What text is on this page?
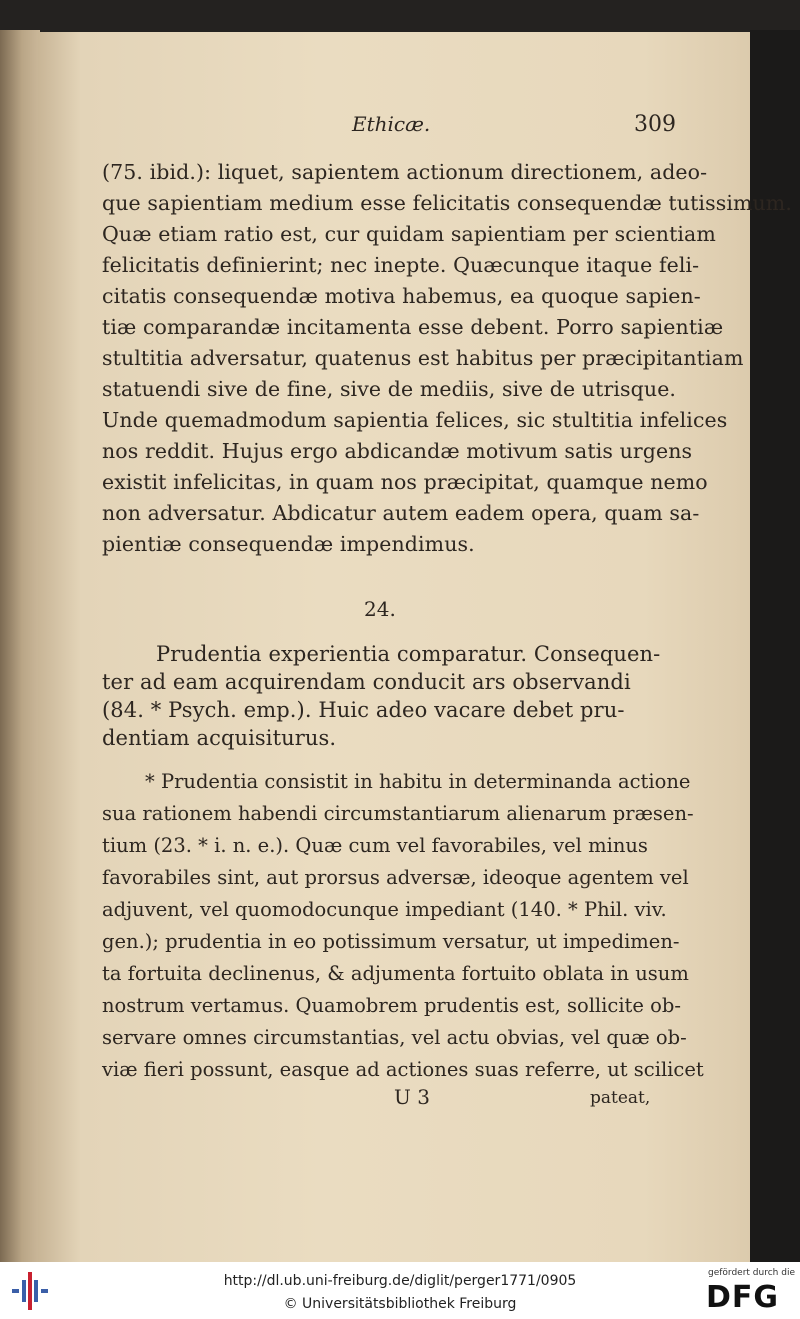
Ethicæ.	309
(75. ibid.): liquet, sapientem actionum directionem, adeo-
que sapientiam medium esse felicitatis consequendæ tutissimum.
Quæ etiam ratio est, cur quidam sapientiam per scientiam
felicitatis definierint; nec inepte. Quæcunque itaque feli-
citatis consequendæ motiva habemus, ea quoque sapien-
tiæ comparandæ incitamenta esse debent. Porro sapientiæ
stultitia adversatur, quatenus est habitus per præcipitantiam
statuendi sive de fine, sive de mediis, sive de utrisque.
Unde quemadmodum sapientia felices, sic stultitia infelices
nos reddit. Hujus ergo abdicandæ motivum satis urgens
existit infelicitas, in quam nos præcipitat, quamque nemo
non adversatur. Abdicatur autem eadem opera, quam sa-
pientiæ consequendæ impendimus.
24.
Prudentia experientia comparatur. Consequen-
ter ad eam acquirendam conducit ars observandi
(84. * Psych. emp.). Huic adeo vacare debet pru-
dentiam acquisiturus.
* Prudentia consistit in habitu in determinanda actione
sua rationem habendi circumstantiarum alienarum præsen-
tium (23. * i. n. e.). Quæ cum vel favorabiles, vel minus
favorabiles sint, aut prorsus adversæ, ideoque agentem vel
adjuvent, vel quomodocunque impediant (140. * Phil. viv.
gen.); prudentia in eo potissimum versatur, ut impedimen-
ta fortuita declinenus, & adjumenta fortuito oblata in usum
nostrum vertamus. Quamobrem prudentis est, sollicite ob-
servare omnes circumstantias, vel actu obvias, vel quæ ob-
viæ fieri possunt, easque ad actiones suas referre, ut scilicet
U 3	pateat,
http://dl.ub.uni-freiburg.de/diglit/perger1771/0905
© Universitätsbibliothek Freiburg
gefördert durch die
DFG
